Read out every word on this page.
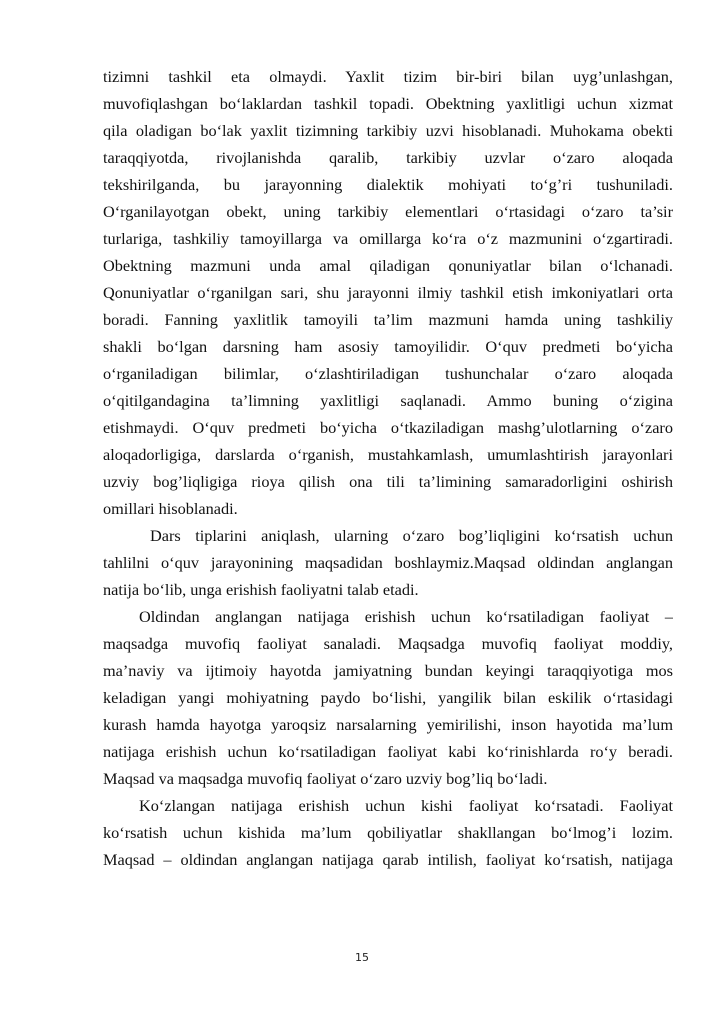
tizimni tashkil eta olmaydi. Yaxlit tizim bir-biri bilan uyg’unlashgan,
muvofiqlashgan bo‘laklardan tashkil topadi. Obektning yaxlitligi uchun xizmat
qila oladigan bo‘lak yaxlit tizimning tarkibiy uzvi hisoblanadi. Muhokama obekti
taraqqiyotda, rivojlanishda qaralib, tarkibiy uzvlar o‘zaro aloqada
tekshirilganda, bu jarayonning dialektik mohiyati to‘g’ri tushuniladi.
O‘rganilayotgan obekt, uning tarkibiy elementlari o‘rtasidagi o‘zaro ta’sir
turlariga, tashkiliy tamoyillarga va omillarga ko‘ra o‘z mazmunini o‘zgartiradi.
Obektning mazmuni unda amal qiladigan qonuniyatlar bilan o‘lchanadi.
Qonuniyatlar o‘rganilgan sari, shu jarayonni ilmiy tashkil etish imkoniyatlari orta
boradi. Fanning yaxlitlik tamoyili ta’lim mazmuni hamda uning tashkiliy
shakli bo‘lgan darsning ham asosiy tamoyilidir. O‘quv predmeti bo‘yicha
o‘rganiladigan bilimlar, o‘zlashtiriladigan tushunchalar o‘zaro aloqada
o‘qitilgandagina ta’limning yaxlitligi saqlanadi. Ammo buning o‘zigina
etishmaydi. O‘quv predmeti bo‘yicha o‘tkaziladigan mashg’ulotlarning o‘zaro
aloqadorligiga, darslarda o‘rganish, mustahkamlash, umumlashtirish jarayonlari
uzviy bog’liqligiga rioya qilish ona tili ta’limining samaradorligini oshirish
omillari hisoblanadi.
Dars tiplarini aniqlash, ularning o‘zaro bog’liqligini ko‘rsatish uchun
tahlilni o‘quv jarayonining maqsadidan boshlaymiz.Maqsad oldindan anglangan
natija bo‘lib, unga erishish faoliyatni talab etadi.
Oldindan anglangan natijaga erishish uchun ko‘rsatiladigan faoliyat –
maqsadga muvofiq faoliyat sanaladi. Maqsadga muvofiq faoliyat moddiy,
ma’naviy va ijtimoiy hayotda jamiyatning bundan keyingi taraqqiyotiga mos
keladigan yangi mohiyatning paydo bo‘lishi, yangilik bilan eskilik o‘rtasidagi
kurash hamda hayotga yaroqsiz narsalarning yemirilishi, inson hayotida ma’lum
natijaga erishish uchun ko‘rsatiladigan faoliyat kabi ko‘rinishlarda ro‘y beradi.
Maqsad va maqsadga muvofiq faoliyat o‘zaro uzviy bog’liq bo‘ladi.
Ko‘zlangan natijaga erishish uchun kishi faoliyat ko‘rsatadi. Faoliyat
ko‘rsatish uchun kishida ma’lum qobiliyatlar shakllangan bo‘lmog’i lozim.
Maqsad – oldindan anglangan natijaga qarab intilish, faoliyat ko‘rsatish, natijaga
15
